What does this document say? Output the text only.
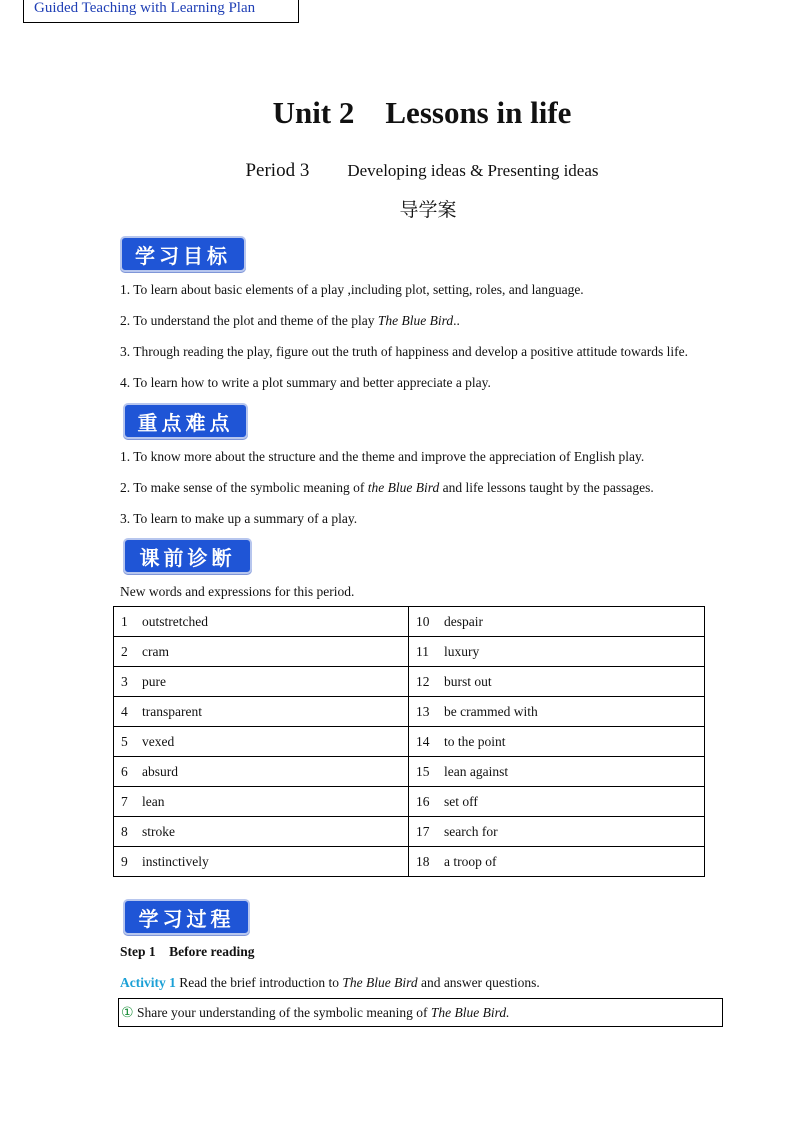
Guided Teaching with Learning Plan
Unit 2    Lessons in life
Period 3 Developing ideas & Presenting ideas
导学案
学习目标
1. To learn about basic elements of a play ,including plot, setting, roles, and language.
2. To understand the plot and theme of the play The Blue Bird..
3. Through reading the play, figure out the truth of happiness and develop a positive attitude towards life.
4. To learn how to write a plot summary and better appreciate a play.
重点难点
1. To know more about the structure and the theme and improve the appreciation of English play.
2. To make sense of the symbolic meaning of the Blue Bird and life lessons taught by the passages.
3. To learn to make up a summary of a play.
课前诊断
New words and expressions for this period.
1 outstretched	10 despair
2 cram	11 luxury
3 pure	12 burst out
4 transparent	13 be crammed with
5 vexed	14 to the point
6 absurd	15 lean against
7 lean	16 set off
8 stroke	17 search for
9 instinctively	18 a troop of
学习过程
Step 1    Before reading
Activity 1 Read the brief introduction to The Blue Bird and answer questions.
① Share your understanding of the symbolic meaning of The Blue Bird.
